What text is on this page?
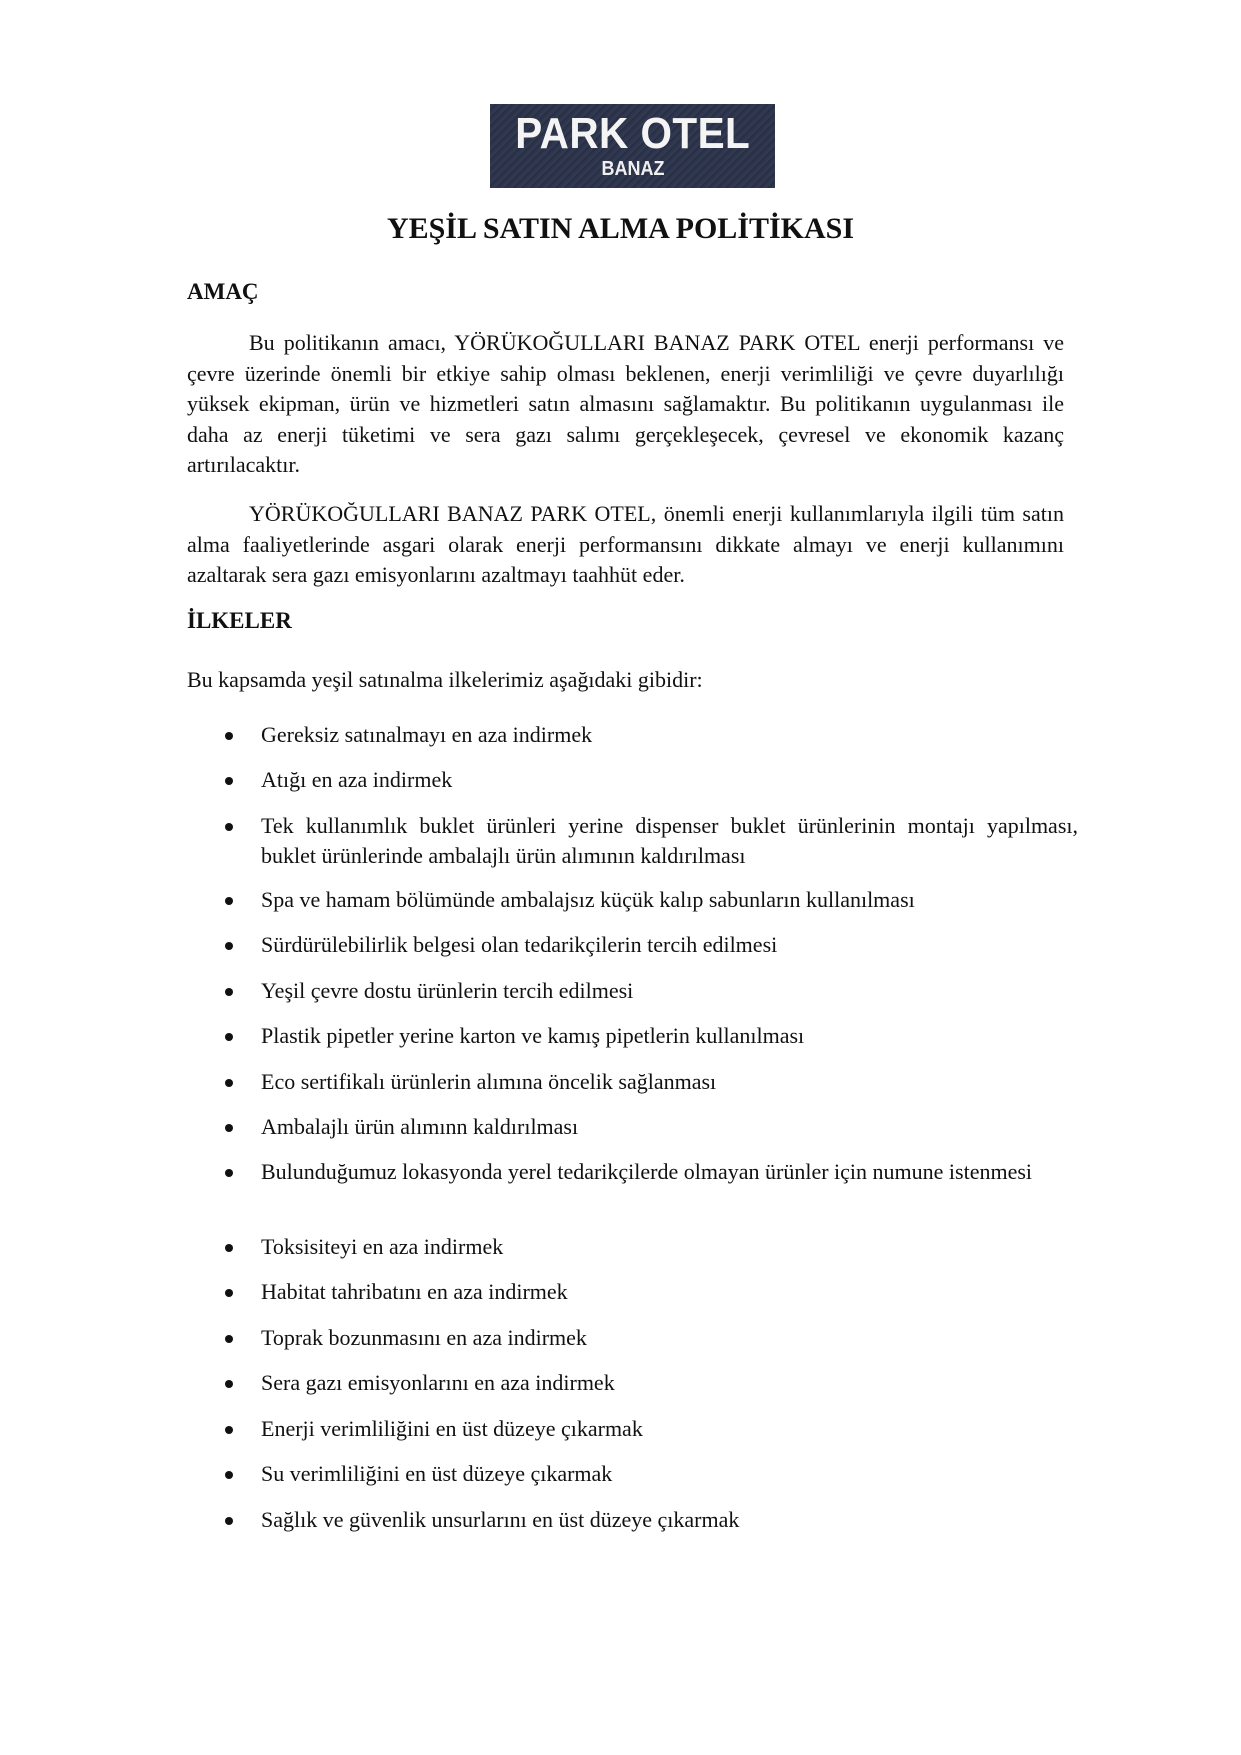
PARK OTEL
BANAZ
YEŞİL SATIN ALMA POLİTİKASI
AMAÇ

Bu politikanın amacı, YÖRÜKOĞULLARI BANAZ PARK OTEL enerji performansı ve çevre üzerinde önemli bir etkiye sahip olması beklenen, enerji verimliliği ve çevre duyarlılığı yüksek ekipman, ürün ve hizmetleri satın almasını sağlamaktır. Bu politikanın uygulanması ile daha az enerji tüketimi ve sera gazı salımı gerçekleşecek, çevresel ve ekonomik kazanç artırılacaktır.

YÖRÜKOĞULLARI BANAZ PARK OTEL, önemli enerji kullanımlarıyla ilgili tüm satın alma faaliyetlerinde asgari olarak enerji performansını dikkate almayı ve enerji kullanımını azaltarak sera gazı emisyonlarını azaltmayı taahhüt eder.

İLKELER
Bu kapsamda yeşil satınalma ilkelerimiz aşağıdaki gibidir:
Gereksiz satınalmayı en aza indirmek
Atığı en aza indirmek
Tek kullanımlık buklet ürünleri yerine dispenser buklet ürünlerinin montajı yapılması, buklet ürünlerinde ambalajlı ürün alımının kaldırılması
Spa ve hamam bölümünde ambalajsız küçük kalıp sabunların kullanılması
Sürdürülebilirlik belgesi olan tedarikçilerin tercih edilmesi
Yeşil çevre dostu ürünlerin tercih edilmesi
Plastik pipetler yerine karton ve kamış pipetlerin kullanılması
Eco sertifikalı ürünlerin alımına öncelik sağlanması
Ambalajlı ürün alımınn kaldırılması
Bulunduğumuz lokasyonda yerel tedarikçilerde olmayan ürünler için numune istenmesi
Toksisiteyi en aza indirmek
Habitat tahribatını en aza indirmek
Toprak bozunmasını en aza indirmek
Sera gazı emisyonlarını en aza indirmek
Enerji verimliliğini en üst düzeye çıkarmak
Su verimliliğini en üst düzeye çıkarmak
Sağlık ve güvenlik unsurlarını en üst düzeye çıkarmak
